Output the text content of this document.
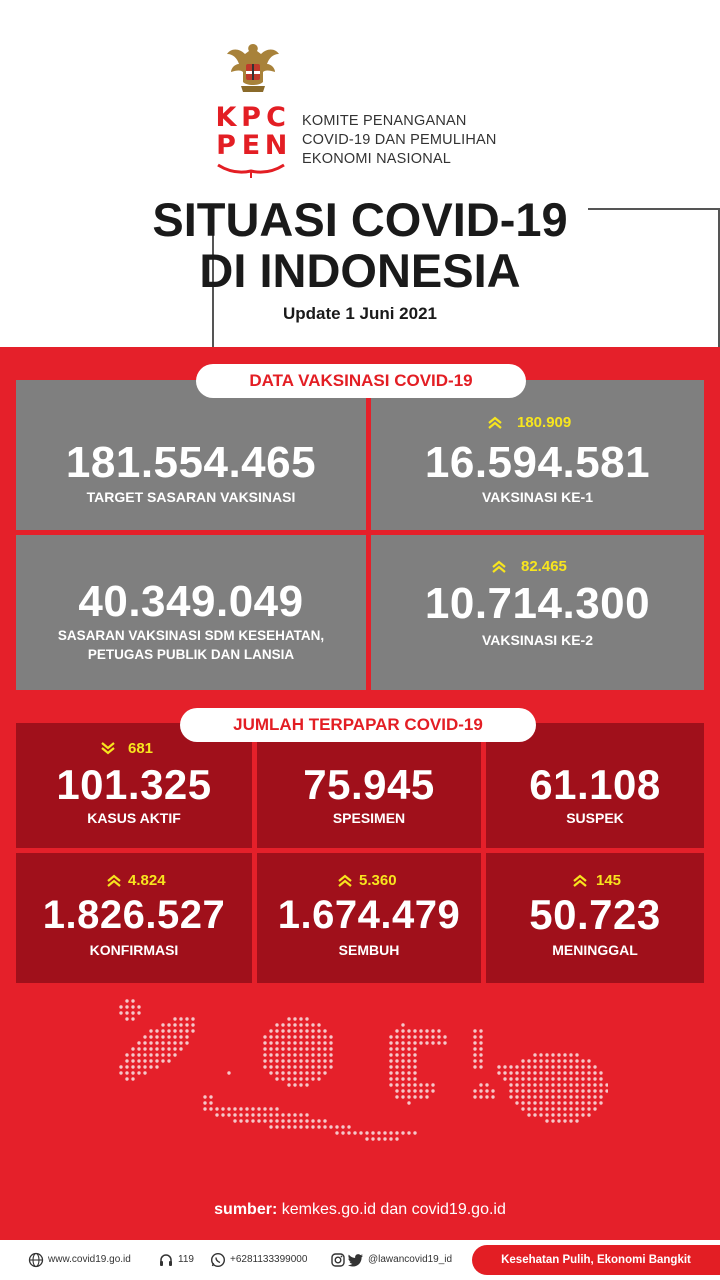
K P C
P E N
KOMITE PENANGANAN
COVID-19 DAN PEMULIHAN
EKONOMI NASIONAL
SITUASI COVID-19
DI INDONESIA
Update 1 Juni 2021
DATA VAKSINASI COVID-19
181.554.465
TARGET SASARAN VAKSINASI
180.909
16.594.581
VAKSINASI KE-1
40.349.049
SASARAN VAKSINASI SDM KESEHATAN,
PETUGAS PUBLIK DAN LANSIA
82.465
10.714.300
VAKSINASI KE-2
JUMLAH TERPAPAR COVID-19
681
101.325
KASUS AKTIF
75.945
SPESIMEN
61.108
SUSPEK
4.824
1.826.527
KONFIRMASI
5.360
1.674.479
SEMBUH
145
50.723
MENINGGAL
sumber: kemkes.go.id dan covid19.go.id
www.covid19.go.id	119	+6281133399000	@lawancovid19_id	Kesehatan Pulih, Ekonomi Bangkit
